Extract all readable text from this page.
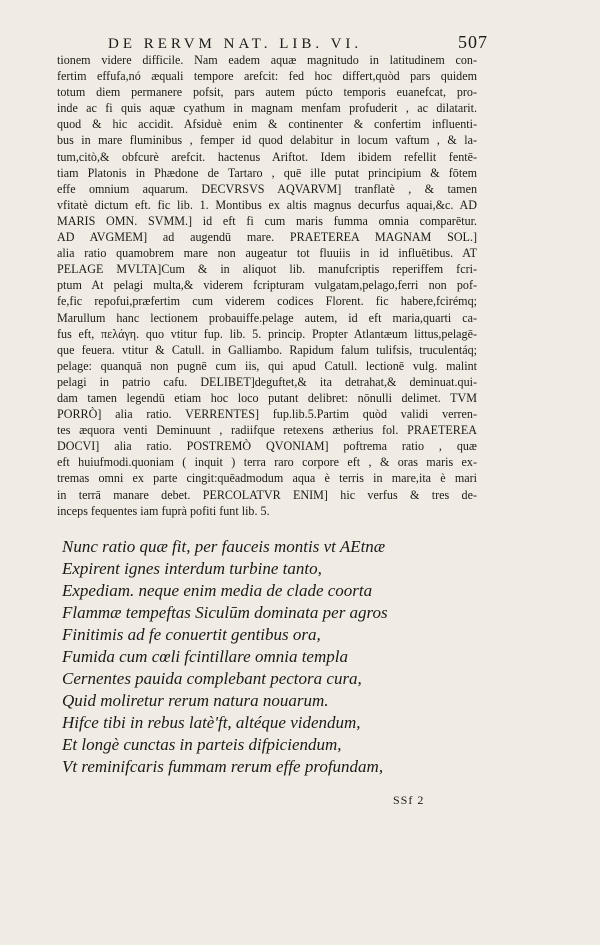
DE RERVM NAT. LIB. VI.	507
tionem videre difficile. Nam eadem aquæ magnitudo in latitudinem con-
fertim effufa,nó æquali tempore arefcit: fed hoc differt,quòd pars quidem
totum diem permanere pofsit, pars autem púcto temporis euanefcat, pro-
inde ac fi quis aquæ cyathum in magnam menfam profuderit , ac dilatarit.
quod & hic accidit. Afsiduè enim & continenter & confertim influenti-
bus in mare fluminibus , femper id quod delabitur in locum vaftum , & la-
tum,citò,& obfcurè arefcit. hactenus Ariftot. Idem ibidem refellit fentē-
tiam Platonis in Phædone de Tartaro , quē ille putat principium & fōtem
effe omnium aquarum. DECVRSVS AQVARVM] tranflatè , & tamen
vfitatè dictum eft. fic lib. 1. Montibus ex altis magnus decurfus aquai,&c. AD
MARIS OMN. SVMM.] id eft fi cum maris fumma omnia comparētur.
AD AVGMEM] ad augendū mare. PRAETEREA MAGNAM SOL.]
alia ratio quamobrem mare non augeatur tot fluuiis in id influētibus. AT
PELAGE MVLTA]Cum & in aliquot lib. manufcriptis reperiffem fcri-
ptum At pelagi multa,& viderem fcripturam vulgatam,pelago,ferri non pof-
fe,fic repofui,præfertim cum viderem codices Florent. fic habere,fcirémq;
Marullum hanc lectionem probauiffe.pelage autem, id eft maria,quarti ca-
fus eft, πελάγη. quo vtitur fup. lib. 5. princip. Propter Atlantæum littus,pelagē-
que feuera. vtitur & Catull. in Galliambo. Rapidum falum tulifsis, truculentáq;
pelage: quanquā non pugnē cum iis, qui apud Catull. lectionē vulg. malint
pelagi in patrio cafu. DELIBET]deguftet,& ita detrahat,& deminuat.qui-
dam tamen legendū etiam hoc loco putant delibret: nōnulli delimet. TVM
PORRÒ] alia ratio. VERRENTES] fup.lib.5.Partim quòd validi verren-
tes æquora venti Deminuunt , radiifque retexens ætherius fol. PRAETEREA
DOCVI] alia ratio. POSTREMÒ QVONIAM] poftrema ratio , quæ
eft huiufmodi.quoniam ( inquit ) terra raro corpore eft , & oras maris ex-
tremas omni ex parte cingit:quēadmodum aqua è terris in mare,ita è mari
in terrā manare debet. PERCOLATVR ENIM] hic verfus & tres de-
inceps fequentes iam fuprà pofiti funt lib. 5.
Nunc ratio quæ fit, per fauceis montis vt AEtnæ
Expirent ignes interdum turbine tanto,
Expediam. neque enim media de clade coorta
Flammæ tempeftas Siculūm dominata per agros
Finitimis ad fe conuertit gentibus ora,
Fumida cum cœli fcintillare omnia templa
Cernentes pauida complebant pectora cura,
Quid moliretur rerum natura nouarum.
Hifce tibi in rebus latè'ft, altéque videndum,
Et longè cunctas in parteis difpiciendum,
Vt reminifcaris fummam rerum effe profundam,
SSf 2
